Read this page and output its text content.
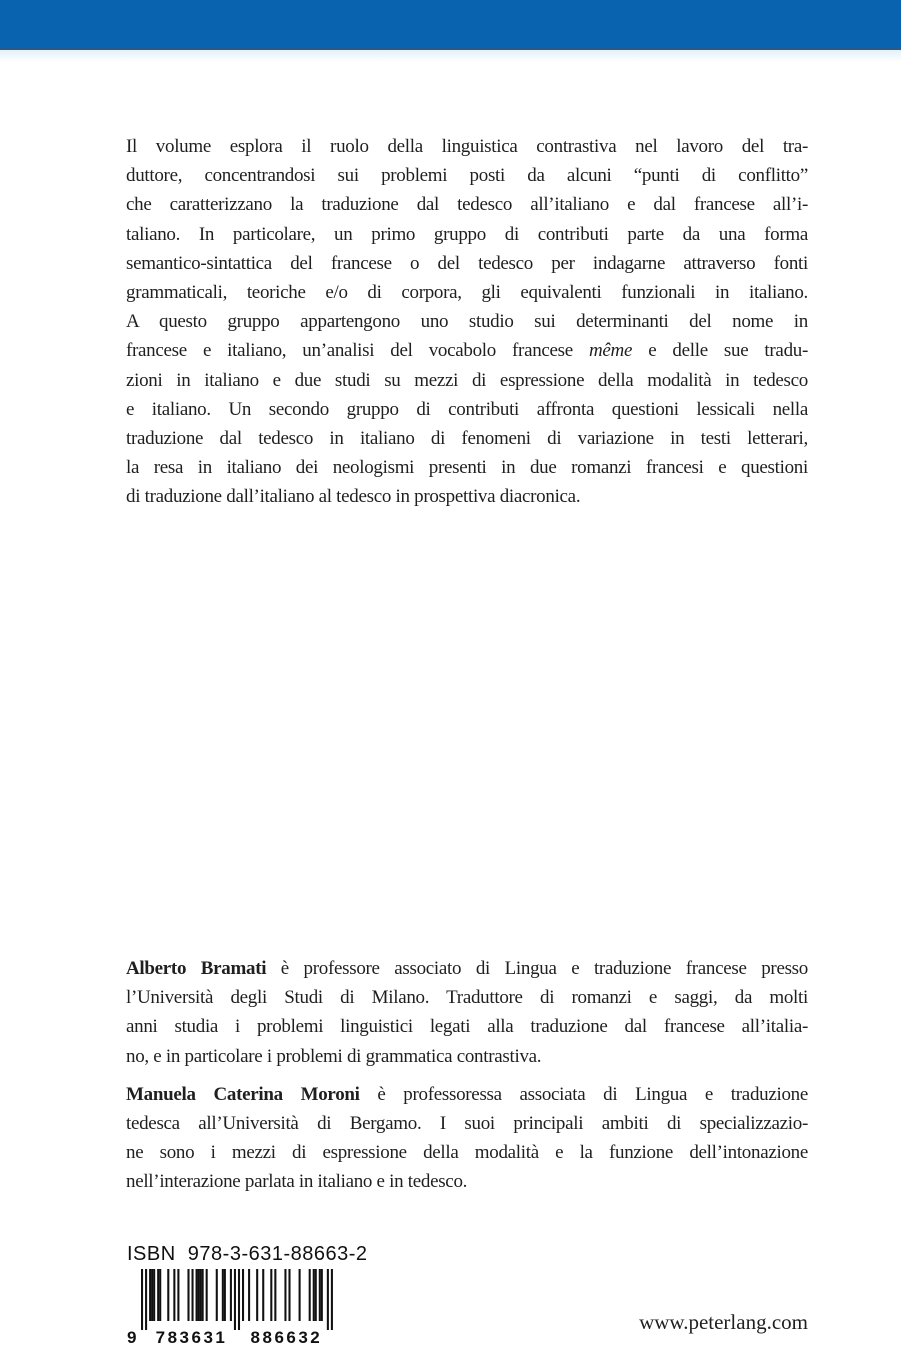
Il volume esplora il ruolo della linguistica contrastiva nel lavoro del tra-
duttore, concentrandosi sui problemi posti da alcuni “punti di conflitto”
che caratterizzano la traduzione dal tedesco all’italiano e dal francese all’i-
taliano. In particolare, un primo gruppo di contributi parte da una forma
semantico-sintattica del francese o del tedesco per indagarne attraverso fonti
grammaticali, teoriche e/o di corpora, gli equivalenti funzionali in italiano.
A questo gruppo appartengono uno studio sui determinanti del nome in
francese e italiano, un’analisi del vocabolo francese même e delle sue tradu-
zioni in italiano e due studi su mezzi di espressione della modalità in tedesco
e italiano. Un secondo gruppo di contributi affronta questioni lessicali nella
traduzione dal tedesco in italiano di fenomeni di variazione in testi letterari,
la resa in italiano dei neologismi presenti in due romanzi francesi e questioni
di traduzione dall’italiano al tedesco in prospettiva diacronica.
Alberto Bramati è professore associato di Lingua e traduzione francese presso
l’Università degli Studi di Milano. Traduttore di romanzi e saggi, da molti
anni studia i problemi linguistici legati alla traduzione dal francese all’italia-
no, e in particolare i problemi di grammatica contrastiva.
Manuela Caterina Moroni è professoressa associata di Lingua e traduzione
tedesca all’Università di Bergamo. I suoi principali ambiti di specializzazio-
ne sono i mezzi di espressione della modalità e la funzione dell’intonazione
nell’interazione parlata in italiano e in tedesco.
ISBN  978-3-631-88663-2
9 783631 886632
www.peterlang.com
